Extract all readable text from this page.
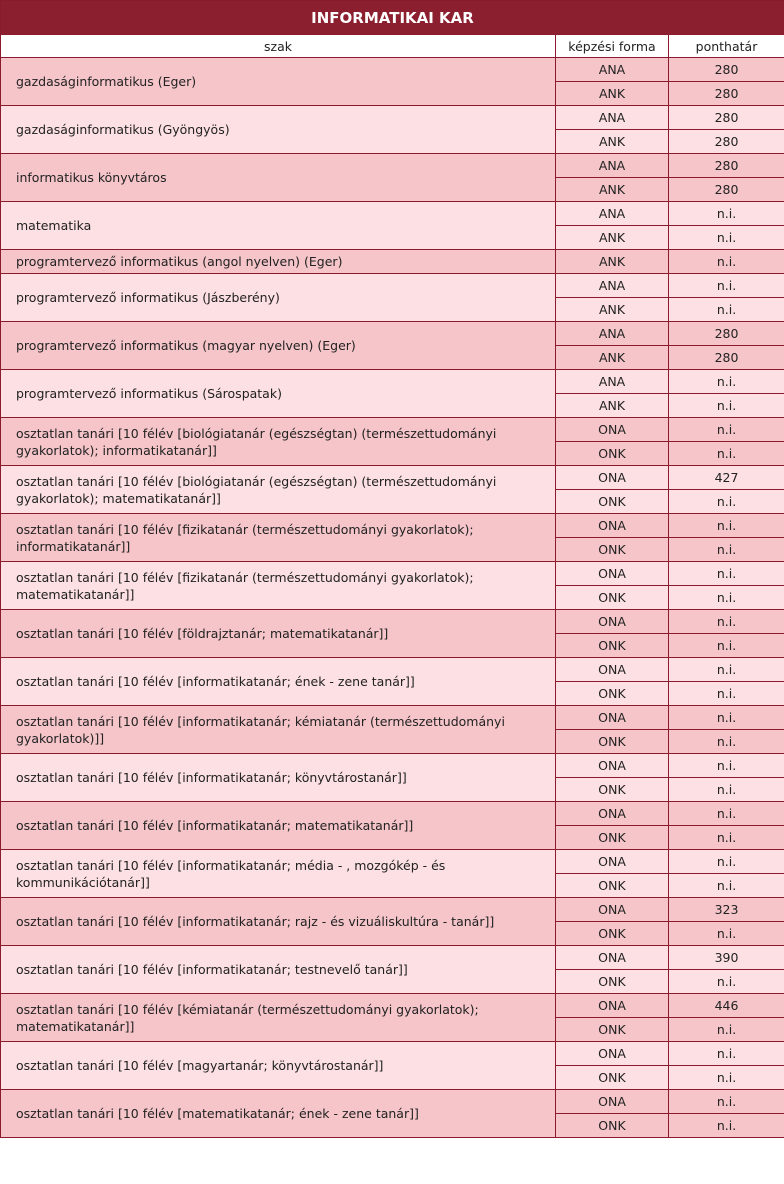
INFORMATIKAI KAR		
szak	képzési forma	ponthatár
gazdaságinformatikus (Eger)	ANA	280
	ANK	280
gazdaságinformatikus (Gyöngyös)	ANA	280
	ANK	280
informatikus könyvtáros	ANA	280
	ANK	280
matematika	ANA	n.i.
	ANK	n.i.
programtervező informatikus (angol nyelven) (Eger)	ANK	n.i.
programtervező informatikus (Jászberény)	ANA	n.i.
	ANK	n.i.
programtervező informatikus (magyar nyelven) (Eger)	ANA	280
	ANK	280
programtervező informatikus (Sárospatak)	ANA	n.i.
	ANK	n.i.
osztatlan tanári [10 félév [biológiatanár (egészségtan) (természettudományi gyakorlatok); informatikatanár]]	ONA	n.i.
	ONK	n.i.
osztatlan tanári [10 félév [biológiatanár (egészségtan) (természettudományi gyakorlatok); matematikatanár]]	ONA	427
	ONK	n.i.
osztatlan tanári [10 félév [fizikatanár (természettudományi gyakorlatok); informatikatanár]]	ONA	n.i.
	ONK	n.i.
osztatlan tanári [10 félév [fizikatanár (természettudományi gyakorlatok); matematikatanár]]	ONA	n.i.
	ONK	n.i.
osztatlan tanári [10 félév [földrajztanár; matematikatanár]]	ONA	n.i.
	ONK	n.i.
osztatlan tanári [10 félév [informatikatanár; ének - zene tanár]]	ONA	n.i.
	ONK	n.i.
osztatlan tanári [10 félév [informatikatanár; kémiatanár (természettudományi gyakorlatok)]]	ONA	n.i.
	ONK	n.i.
osztatlan tanári [10 félév [informatikatanár; könyvtárostanár]]	ONA	n.i.
	ONK	n.i.
osztatlan tanári [10 félév [informatikatanár; matematikatanár]]	ONA	n.i.
	ONK	n.i.
osztatlan tanári [10 félév [informatikatanár; média - , mozgókép - és kommunikációtanár]]	ONA	n.i.
	ONK	n.i.
osztatlan tanári [10 félév [informatikatanár; rajz - és vizuáliskultúra - tanár]]	ONA	323
	ONK	n.i.
osztatlan tanári [10 félév [informatikatanár; testnevelő tanár]]	ONA	390
	ONK	n.i.
osztatlan tanári [10 félév [kémiatanár (természettudományi gyakorlatok); matematikatanár]]	ONA	446
	ONK	n.i.
osztatlan tanári [10 félév [magyartanár; könyvtárostanár]]	ONA	n.i.
	ONK	n.i.
osztatlan tanári [10 félév [matematikatanár; ének - zene tanár]]	ONA	n.i.
	ONK	n.i.
